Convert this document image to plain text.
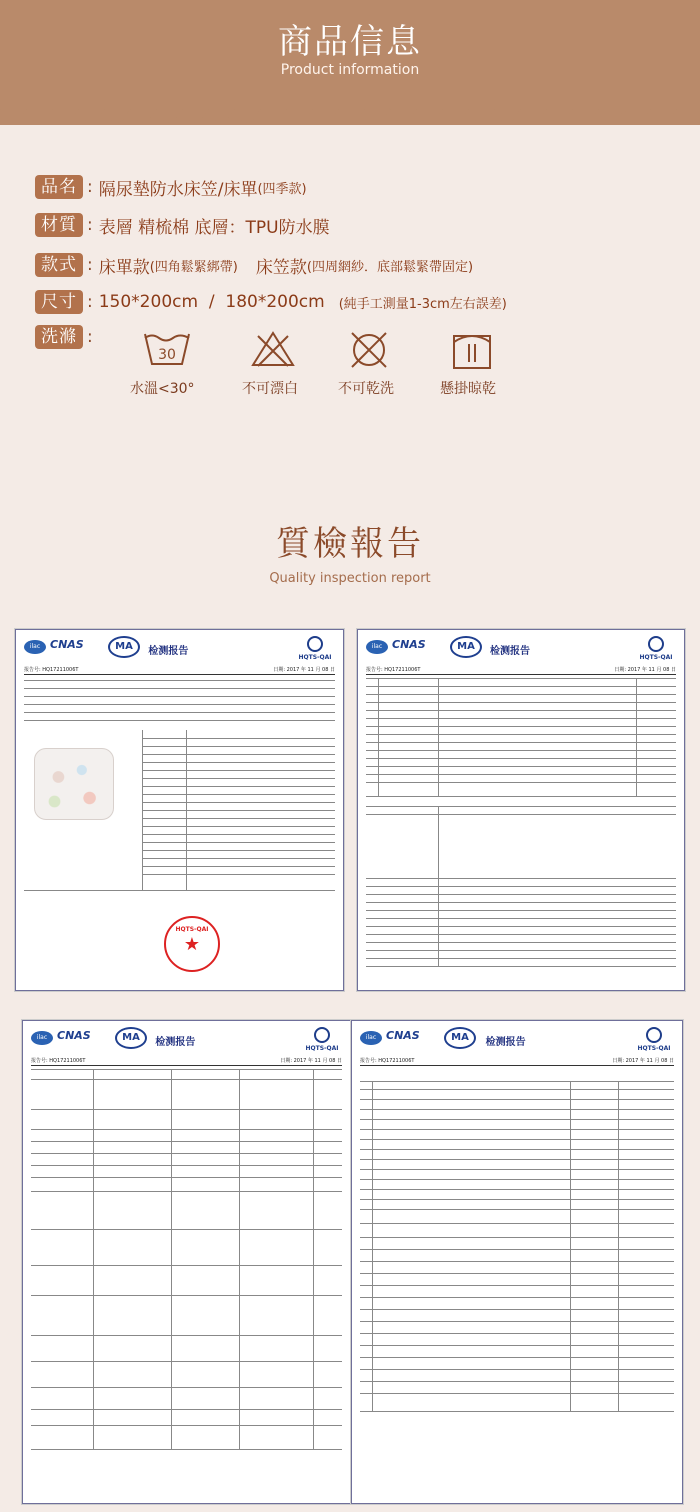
商品信息
Product information
品名 : 隔尿墊防水床笠/床單 (四季款)
材質 : 表層 精梳棉 底層：TPU防水膜
款式 : 床單款 (四角鬆緊綁帶) 床笠款 (四周網紗．底部鬆緊帶固定)
尺寸 : 150*200cm  /  180*200cm (純手工測量1-3cm左右誤差)
洗滌 :
30
水溫<30°	不可漂白	不可乾洗	懸掛晾乾
質檢報告
Quality inspection report
ilac CNAS	MA	检测报告
HQTS-QAI
报告号: HQ17211006T	日期: 2017 年 11 月 08 日
HQTS-QAI
★
ilac CNAS	MA	检测报告
HQTS-QAI
报告号: HQ17211006T	日期: 2017 年 11 月 08 日
ilac CNAS	MA	检测报告
HQTS-QAI
报告号: HQ17211006T	日期: 2017 年 11 月 08 日
ilac CNAS	MA	检测报告
HQTS-QAI
报告号: HQ17211006T	日期: 2017 年 11 月 08 日
